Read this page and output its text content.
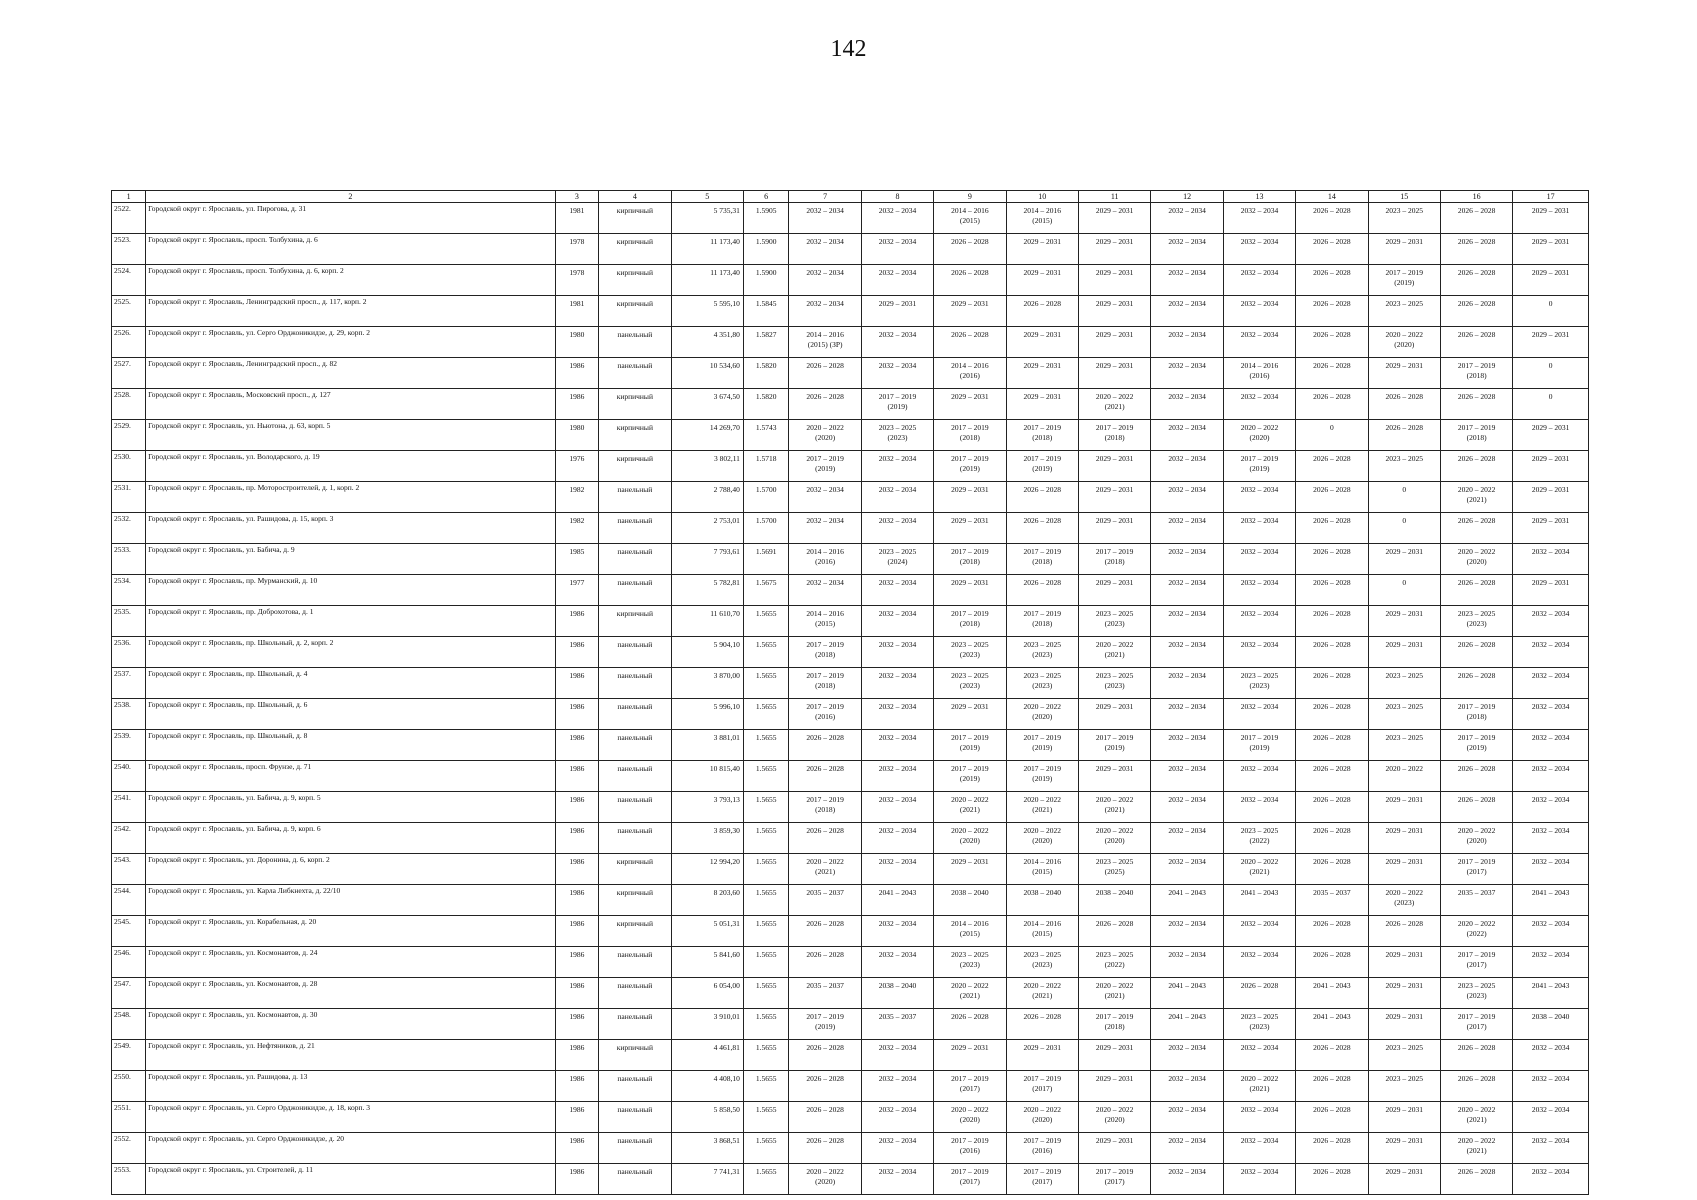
142
1	2	3	4	5	6	7	8	9	10	11	12	13	14	15	16	17
2522.	Городской округ г. Ярославль, ул. Пирогова, д. 31	1981	кирпичный	5 735,31	1.5905	2032 – 2034	2032 – 2034	2014 – 2016
(2015)	2014 – 2016
(2015)	2029 – 2031	2032 – 2034	2032 – 2034	2026 – 2028	2023 – 2025	2026 – 2028	2029 – 2031
2523.	Городской округ г. Ярославль, просп. Толбухина, д. 6	1978	кирпичный	11 173,40	1.5900	2032 – 2034	2032 – 2034	2026 – 2028	2029 – 2031	2029 – 2031	2032 – 2034	2032 – 2034	2026 – 2028	2029 – 2031	2026 – 2028	2029 – 2031
2524.	Городской округ г. Ярославль, просп. Толбухина, д. 6, корп. 2	1978	кирпичный	11 173,40	1.5900	2032 – 2034	2032 – 2034	2026 – 2028	2029 – 2031	2029 – 2031	2032 – 2034	2032 – 2034	2026 – 2028	2017 – 2019
(2019)	2026 – 2028	2029 – 2031
2525.	Городской округ г. Ярославль, Ленинградский просп., д. 117, корп. 2	1981	кирпичный	5 595,10	1.5845	2032 – 2034	2029 – 2031	2029 – 2031	2026 – 2028	2029 – 2031	2032 – 2034	2032 – 2034	2026 – 2028	2023 – 2025	2026 – 2028	0
2526.	Городской округ г. Ярославль, ул. Серго Орджоникидзе, д. 29, корп. 2	1980	панельный	4 351,80	1.5827	2014 – 2016
(2015) (ЗР)	2032 – 2034	2026 – 2028	2029 – 2031	2029 – 2031	2032 – 2034	2032 – 2034	2026 – 2028	2020 – 2022
(2020)	2026 – 2028	2029 – 2031
2527.	Городской округ г. Ярославль, Ленинградский просп., д. 82	1986	панельный	10 534,60	1.5820	2026 – 2028	2032 – 2034	2014 – 2016
(2016)	2029 – 2031	2029 – 2031	2032 – 2034	2014 – 2016
(2016)	2026 – 2028	2029 – 2031	2017 – 2019
(2018)	0
2528.	Городской округ г. Ярославль, Московский просп., д. 127	1986	кирпичный	3 674,50	1.5820	2026 – 2028	2017 – 2019
(2019)	2029 – 2031	2029 – 2031	2020 – 2022
(2021)	2032 – 2034	2032 – 2034	2026 – 2028	2026 – 2028	2026 – 2028	0
2529.	Городской округ г. Ярославль, ул. Ньютона, д. 63, корп. 5	1980	кирпичный	14 269,70	1.5743	2020 – 2022
(2020)	2023 – 2025
(2023)	2017 – 2019
(2018)	2017 – 2019
(2018)	2017 – 2019
(2018)	2032 – 2034	2020 – 2022
(2020)	0	2026 – 2028	2017 – 2019
(2018)	2029 – 2031
2530.	Городской округ г. Ярославль, ул. Володарского, д. 19	1976	кирпичный	3 802,11	1.5718	2017 – 2019
(2019)	2032 – 2034	2017 – 2019
(2019)	2017 – 2019
(2019)	2029 – 2031	2032 – 2034	2017 – 2019
(2019)	2026 – 2028	2023 – 2025	2026 – 2028	2029 – 2031
2531.	Городской округ г. Ярославль, пр. Моторостроителей, д. 1, корп. 2	1982	панельный	2 788,40	1.5700	2032 – 2034	2032 – 2034	2029 – 2031	2026 – 2028	2029 – 2031	2032 – 2034	2032 – 2034	2026 – 2028	0	2020 – 2022
(2021)	2029 – 2031
2532.	Городской округ г. Ярославль, ул. Рашидова, д. 15, корп. 3	1982	панельный	2 753,01	1.5700	2032 – 2034	2032 – 2034	2029 – 2031	2026 – 2028	2029 – 2031	2032 – 2034	2032 – 2034	2026 – 2028	0	2026 – 2028	2029 – 2031
2533.	Городской округ г. Ярославль, ул. Бабича, д. 9	1985	панельный	7 793,61	1.5691	2014 – 2016
(2016)	2023 – 2025
(2024)	2017 – 2019
(2018)	2017 – 2019
(2018)	2017 – 2019
(2018)	2032 – 2034	2032 – 2034	2026 – 2028	2029 – 2031	2020 – 2022
(2020)	2032 – 2034
2534.	Городской округ г. Ярославль, пр. Мурманский, д. 10	1977	панельный	5 782,81	1.5675	2032 – 2034	2032 – 2034	2029 – 2031	2026 – 2028	2029 – 2031	2032 – 2034	2032 – 2034	2026 – 2028	0	2026 – 2028	2029 – 2031
2535.	Городской округ г. Ярославль, пр. Доброхотова, д. 1	1986	кирпичный	11 610,70	1.5655	2014 – 2016
(2015)	2032 – 2034	2017 – 2019
(2018)	2017 – 2019
(2018)	2023 – 2025
(2023)	2032 – 2034	2032 – 2034	2026 – 2028	2029 – 2031	2023 – 2025
(2023)	2032 – 2034
2536.	Городской округ г. Ярославль, пр. Школьный, д. 2, корп. 2	1986	панельный	5 904,10	1.5655	2017 – 2019
(2018)	2032 – 2034	2023 – 2025
(2023)	2023 – 2025
(2023)	2020 – 2022
(2021)	2032 – 2034	2032 – 2034	2026 – 2028	2029 – 2031	2026 – 2028	2032 – 2034
2537.	Городской округ г. Ярославль, пр. Школьный, д. 4	1986	панельный	3 870,00	1.5655	2017 – 2019
(2018)	2032 – 2034	2023 – 2025
(2023)	2023 – 2025
(2023)	2023 – 2025
(2023)	2032 – 2034	2023 – 2025
(2023)	2026 – 2028	2023 – 2025	2026 – 2028	2032 – 2034
2538.	Городской округ г. Ярославль, пр. Школьный, д. 6	1986	панельный	5 996,10	1.5655	2017 – 2019
(2016)	2032 – 2034	2029 – 2031	2020 – 2022
(2020)	2029 – 2031	2032 – 2034	2032 – 2034	2026 – 2028	2023 – 2025	2017 – 2019
(2018)	2032 – 2034
2539.	Городской округ г. Ярославль, пр. Школьный, д. 8	1986	панельный	3 881,01	1.5655	2026 – 2028	2032 – 2034	2017 – 2019
(2019)	2017 – 2019
(2019)	2017 – 2019
(2019)	2032 – 2034	2017 – 2019
(2019)	2026 – 2028	2023 – 2025	2017 – 2019
(2019)	2032 – 2034
2540.	Городской округ г. Ярославль, просп. Фрунзе, д. 71	1986	панельный	10 815,40	1.5655	2026 – 2028	2032 – 2034	2017 – 2019
(2019)	2017 – 2019
(2019)	2029 – 2031	2032 – 2034	2032 – 2034	2026 – 2028	2020 – 2022	2026 – 2028	2032 – 2034
2541.	Городской округ г. Ярославль, ул. Бабича, д. 9, корп. 5	1986	панельный	3 793,13	1.5655	2017 – 2019
(2018)	2032 – 2034	2020 – 2022
(2021)	2020 – 2022
(2021)	2020 – 2022
(2021)	2032 – 2034	2032 – 2034	2026 – 2028	2029 – 2031	2026 – 2028	2032 – 2034
2542.	Городской округ г. Ярославль, ул. Бабича, д. 9, корп. 6	1986	панельный	3 859,30	1.5655	2026 – 2028	2032 – 2034	2020 – 2022
(2020)	2020 – 2022
(2020)	2020 – 2022
(2020)	2032 – 2034	2023 – 2025
(2022)	2026 – 2028	2029 – 2031	2020 – 2022
(2020)	2032 – 2034
2543.	Городской округ г. Ярославль, ул. Доронина, д. 6, корп. 2	1986	кирпичный	12 994,20	1.5655	2020 – 2022
(2021)	2032 – 2034	2029 – 2031	2014 – 2016
(2015)	2023 – 2025
(2025)	2032 – 2034	2020 – 2022
(2021)	2026 – 2028	2029 – 2031	2017 – 2019
(2017)	2032 – 2034
2544.	Городской округ г. Ярославль, ул. Карла Либкнехта, д. 22/10	1986	кирпичный	8 203,60	1.5655	2035 – 2037	2041 – 2043	2038 – 2040	2038 – 2040	2038 – 2040	2041 – 2043	2041 – 2043	2035 – 2037	2020 – 2022
(2023)	2035 – 2037	2041 – 2043
2545.	Городской округ г. Ярославль, ул. Корабельная, д. 20	1986	кирпичный	5 051,31	1.5655	2026 – 2028	2032 – 2034	2014 – 2016
(2015)	2014 – 2016
(2015)	2026 – 2028	2032 – 2034	2032 – 2034	2026 – 2028	2026 – 2028	2020 – 2022
(2022)	2032 – 2034
2546.	Городской округ г. Ярославль, ул. Космонавтов, д. 24	1986	панельный	5 841,60	1.5655	2026 – 2028	2032 – 2034	2023 – 2025
(2023)	2023 – 2025
(2023)	2023 – 2025
(2022)	2032 – 2034	2032 – 2034	2026 – 2028	2029 – 2031	2017 – 2019
(2017)	2032 – 2034
2547.	Городской округ г. Ярославль, ул. Космонавтов, д. 28	1986	панельный	6 054,00	1.5655	2035 – 2037	2038 – 2040	2020 – 2022
(2021)	2020 – 2022
(2021)	2020 – 2022
(2021)	2041 – 2043	2026 – 2028	2041 – 2043	2029 – 2031	2023 – 2025
(2023)	2041 – 2043
2548.	Городской округ г. Ярославль, ул. Космонавтов, д. 30	1986	панельный	3 910,01	1.5655	2017 – 2019
(2019)	2035 – 2037	2026 – 2028	2026 – 2028	2017 – 2019
(2018)	2041 – 2043	2023 – 2025
(2023)	2041 – 2043	2029 – 2031	2017 – 2019
(2017)	2038 – 2040
2549.	Городской округ г. Ярославль, ул. Нефтяников, д. 21	1986	кирпичный	4 461,81	1.5655	2026 – 2028	2032 – 2034	2029 – 2031	2029 – 2031	2029 – 2031	2032 – 2034	2032 – 2034	2026 – 2028	2023 – 2025	2026 – 2028	2032 – 2034
2550.	Городской округ г. Ярославль, ул. Рашидова, д. 13	1986	панельный	4 408,10	1.5655	2026 – 2028	2032 – 2034	2017 – 2019
(2017)	2017 – 2019
(2017)	2029 – 2031	2032 – 2034	2020 – 2022
(2021)	2026 – 2028	2023 – 2025	2026 – 2028	2032 – 2034
2551.	Городской округ г. Ярославль, ул. Серго Орджоникидзе, д. 18, корп. 3	1986	панельный	5 858,50	1.5655	2026 – 2028	2032 – 2034	2020 – 2022
(2020)	2020 – 2022
(2020)	2020 – 2022
(2020)	2032 – 2034	2032 – 2034	2026 – 2028	2029 – 2031	2020 – 2022
(2021)	2032 – 2034
2552.	Городской округ г. Ярославль, ул. Серго Орджоникидзе, д. 20	1986	панельный	3 868,51	1.5655	2026 – 2028	2032 – 2034	2017 – 2019
(2016)	2017 – 2019
(2016)	2029 – 2031	2032 – 2034	2032 – 2034	2026 – 2028	2029 – 2031	2020 – 2022
(2021)	2032 – 2034
2553.	Городской округ г. Ярославль, ул. Строителей, д. 11	1986	панельный	7 741,31	1.5655	2020 – 2022
(2020)	2032 – 2034	2017 – 2019
(2017)	2017 – 2019
(2017)	2017 – 2019
(2017)	2032 – 2034	2032 – 2034	2026 – 2028	2029 – 2031	2026 – 2028	2032 – 2034
